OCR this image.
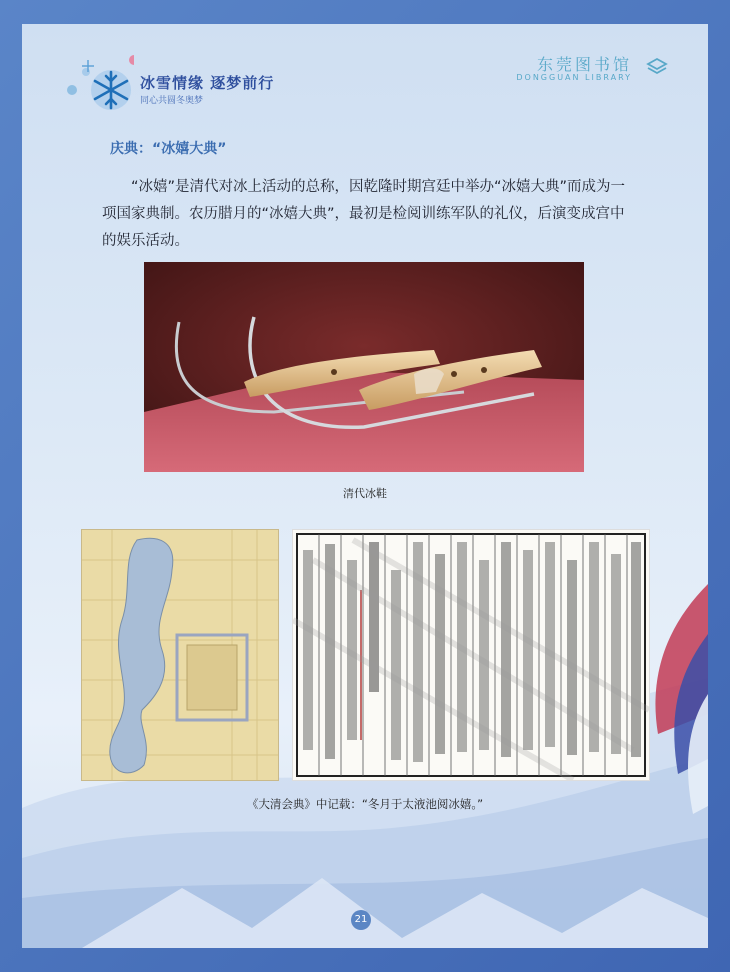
冰雪情缘 逐梦前行
同心共圆冬奥梦
东莞图书馆
DONGGUAN LIBRARY
庆典：“冰嬉大典”
“冰嬉”是清代对冰上活动的总称，因乾隆时期宫廷中举办“冰嬉大典”而成为一项国家典制。农历腊月的“冰嬉大典”，最初是检阅训练军队的礼仪，后演变成宫中的娱乐活动。
清代冰鞋
《大清会典》中记载：“冬月于太液池阅冰嬉。”
21
